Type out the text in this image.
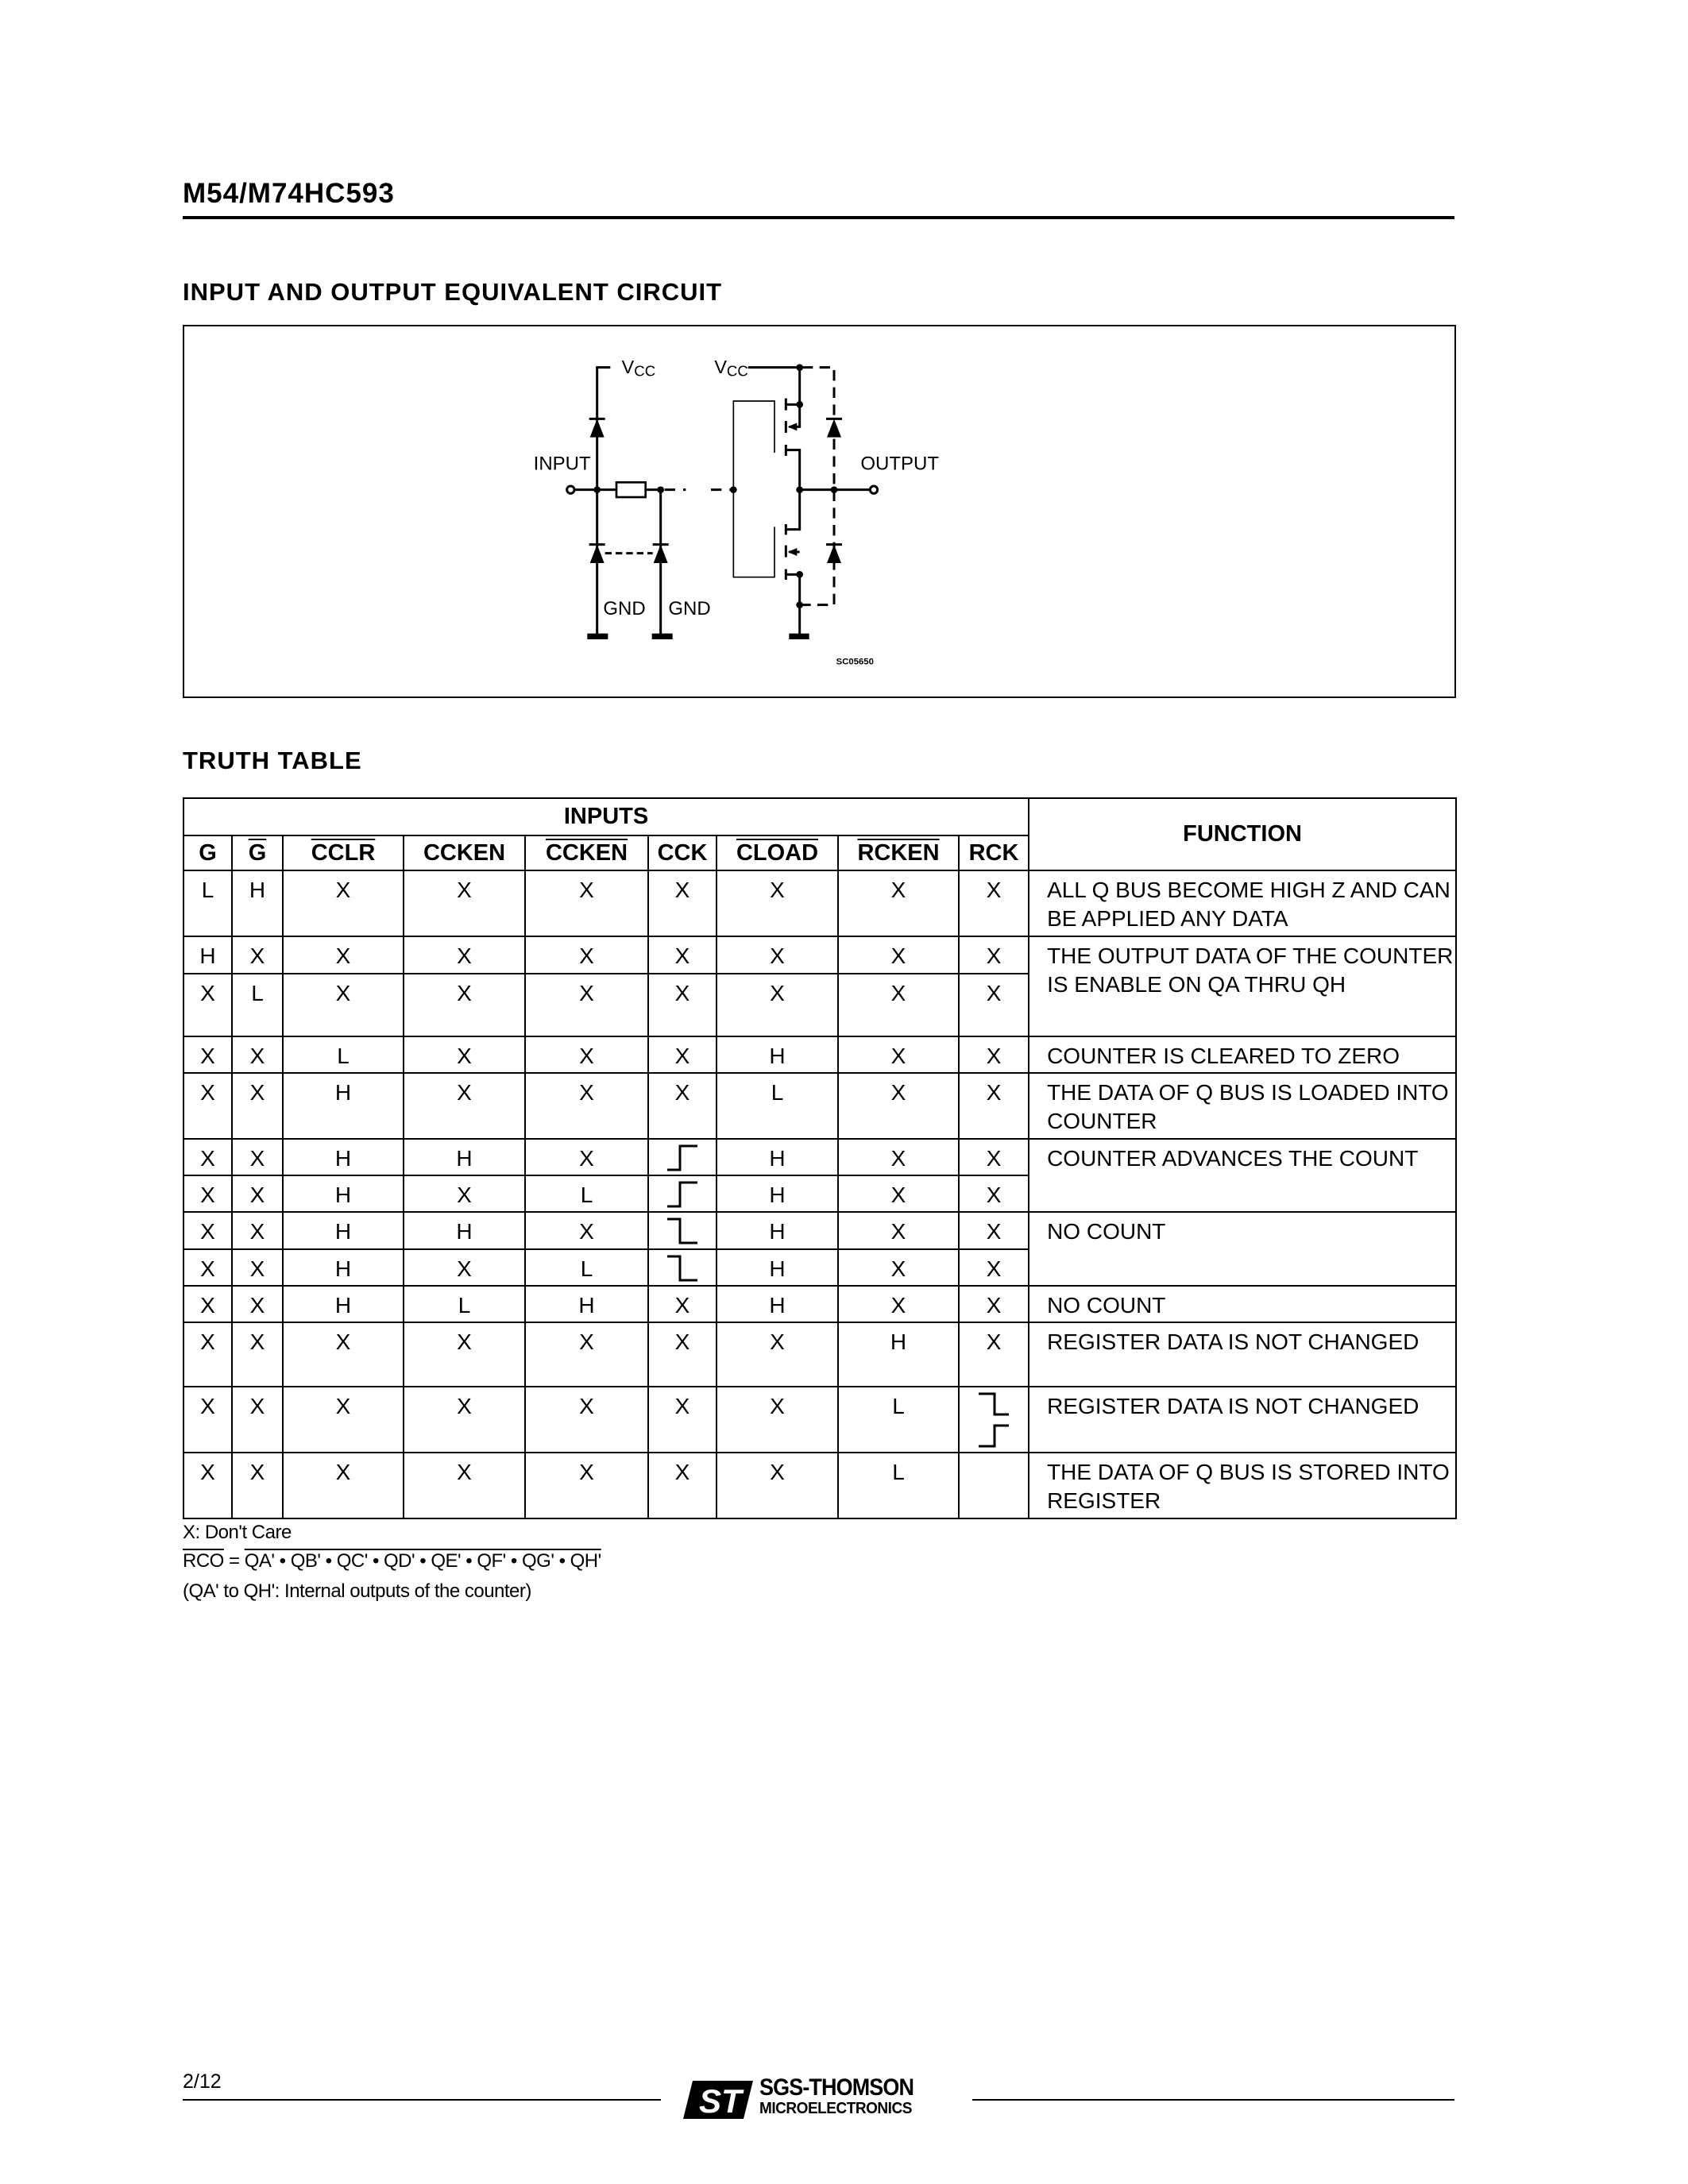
M54/M74HC593
INPUT AND OUTPUT EQUIVALENT CIRCUIT
VCC VCC
INPUT	OUTPUT
GND GND
SC05650
TRUTH TABLE
INPUTS									FUNCTION
G	$\overline{G}$	CCLR	CCKEN	CCKEN	CCK	CLOAD	RCKEN	RCK	
L	H	X	X	X	X	X	X	X	ALL Q BUS BECOME HIGH Z AND CAN BE APPLIED ANY DATA
H	X	X	X	X	X	X	X	X	THE OUTPUT DATA OF THE COUNTER IS ENABLE ON QA THRU QH
X	L	X	X	X	X	X	X	X	
X	X	L	X	X	X	H	X	X	COUNTER IS CLEARED TO ZERO
X	X	H	X	X	X	L	X	X	THE DATA OF Q BUS IS LOADED INTO COUNTER
X	X	H	H	X		H	X	X	COUNTER ADVANCES THE COUNT
X	X	H	X	L		H	X	X	
X	X	H	H	X		H	X	X	NO COUNT
X	X	H	X	L		H	X	X	
X	X	H	L	H	X	H	X	X	NO COUNT
X	X	X	X	X	X	X	H	X	REGISTER DATA IS NOT CHANGED
X	X	X	X	X	X	X	L		REGISTER DATA IS NOT CHANGED
X	X	X	X	X	X	X	L		THE DATA OF Q BUS IS STORED INTO REGISTER
X: Don't Care
$\overline{RCO} = QA'$ • QB' • QC' • QD' • QE' • QF' • QG' • QH'
(QA' to QH': Internal outputs of the counter)
2/12
ST SGS-THOMSON
MICROELECTRONICS
